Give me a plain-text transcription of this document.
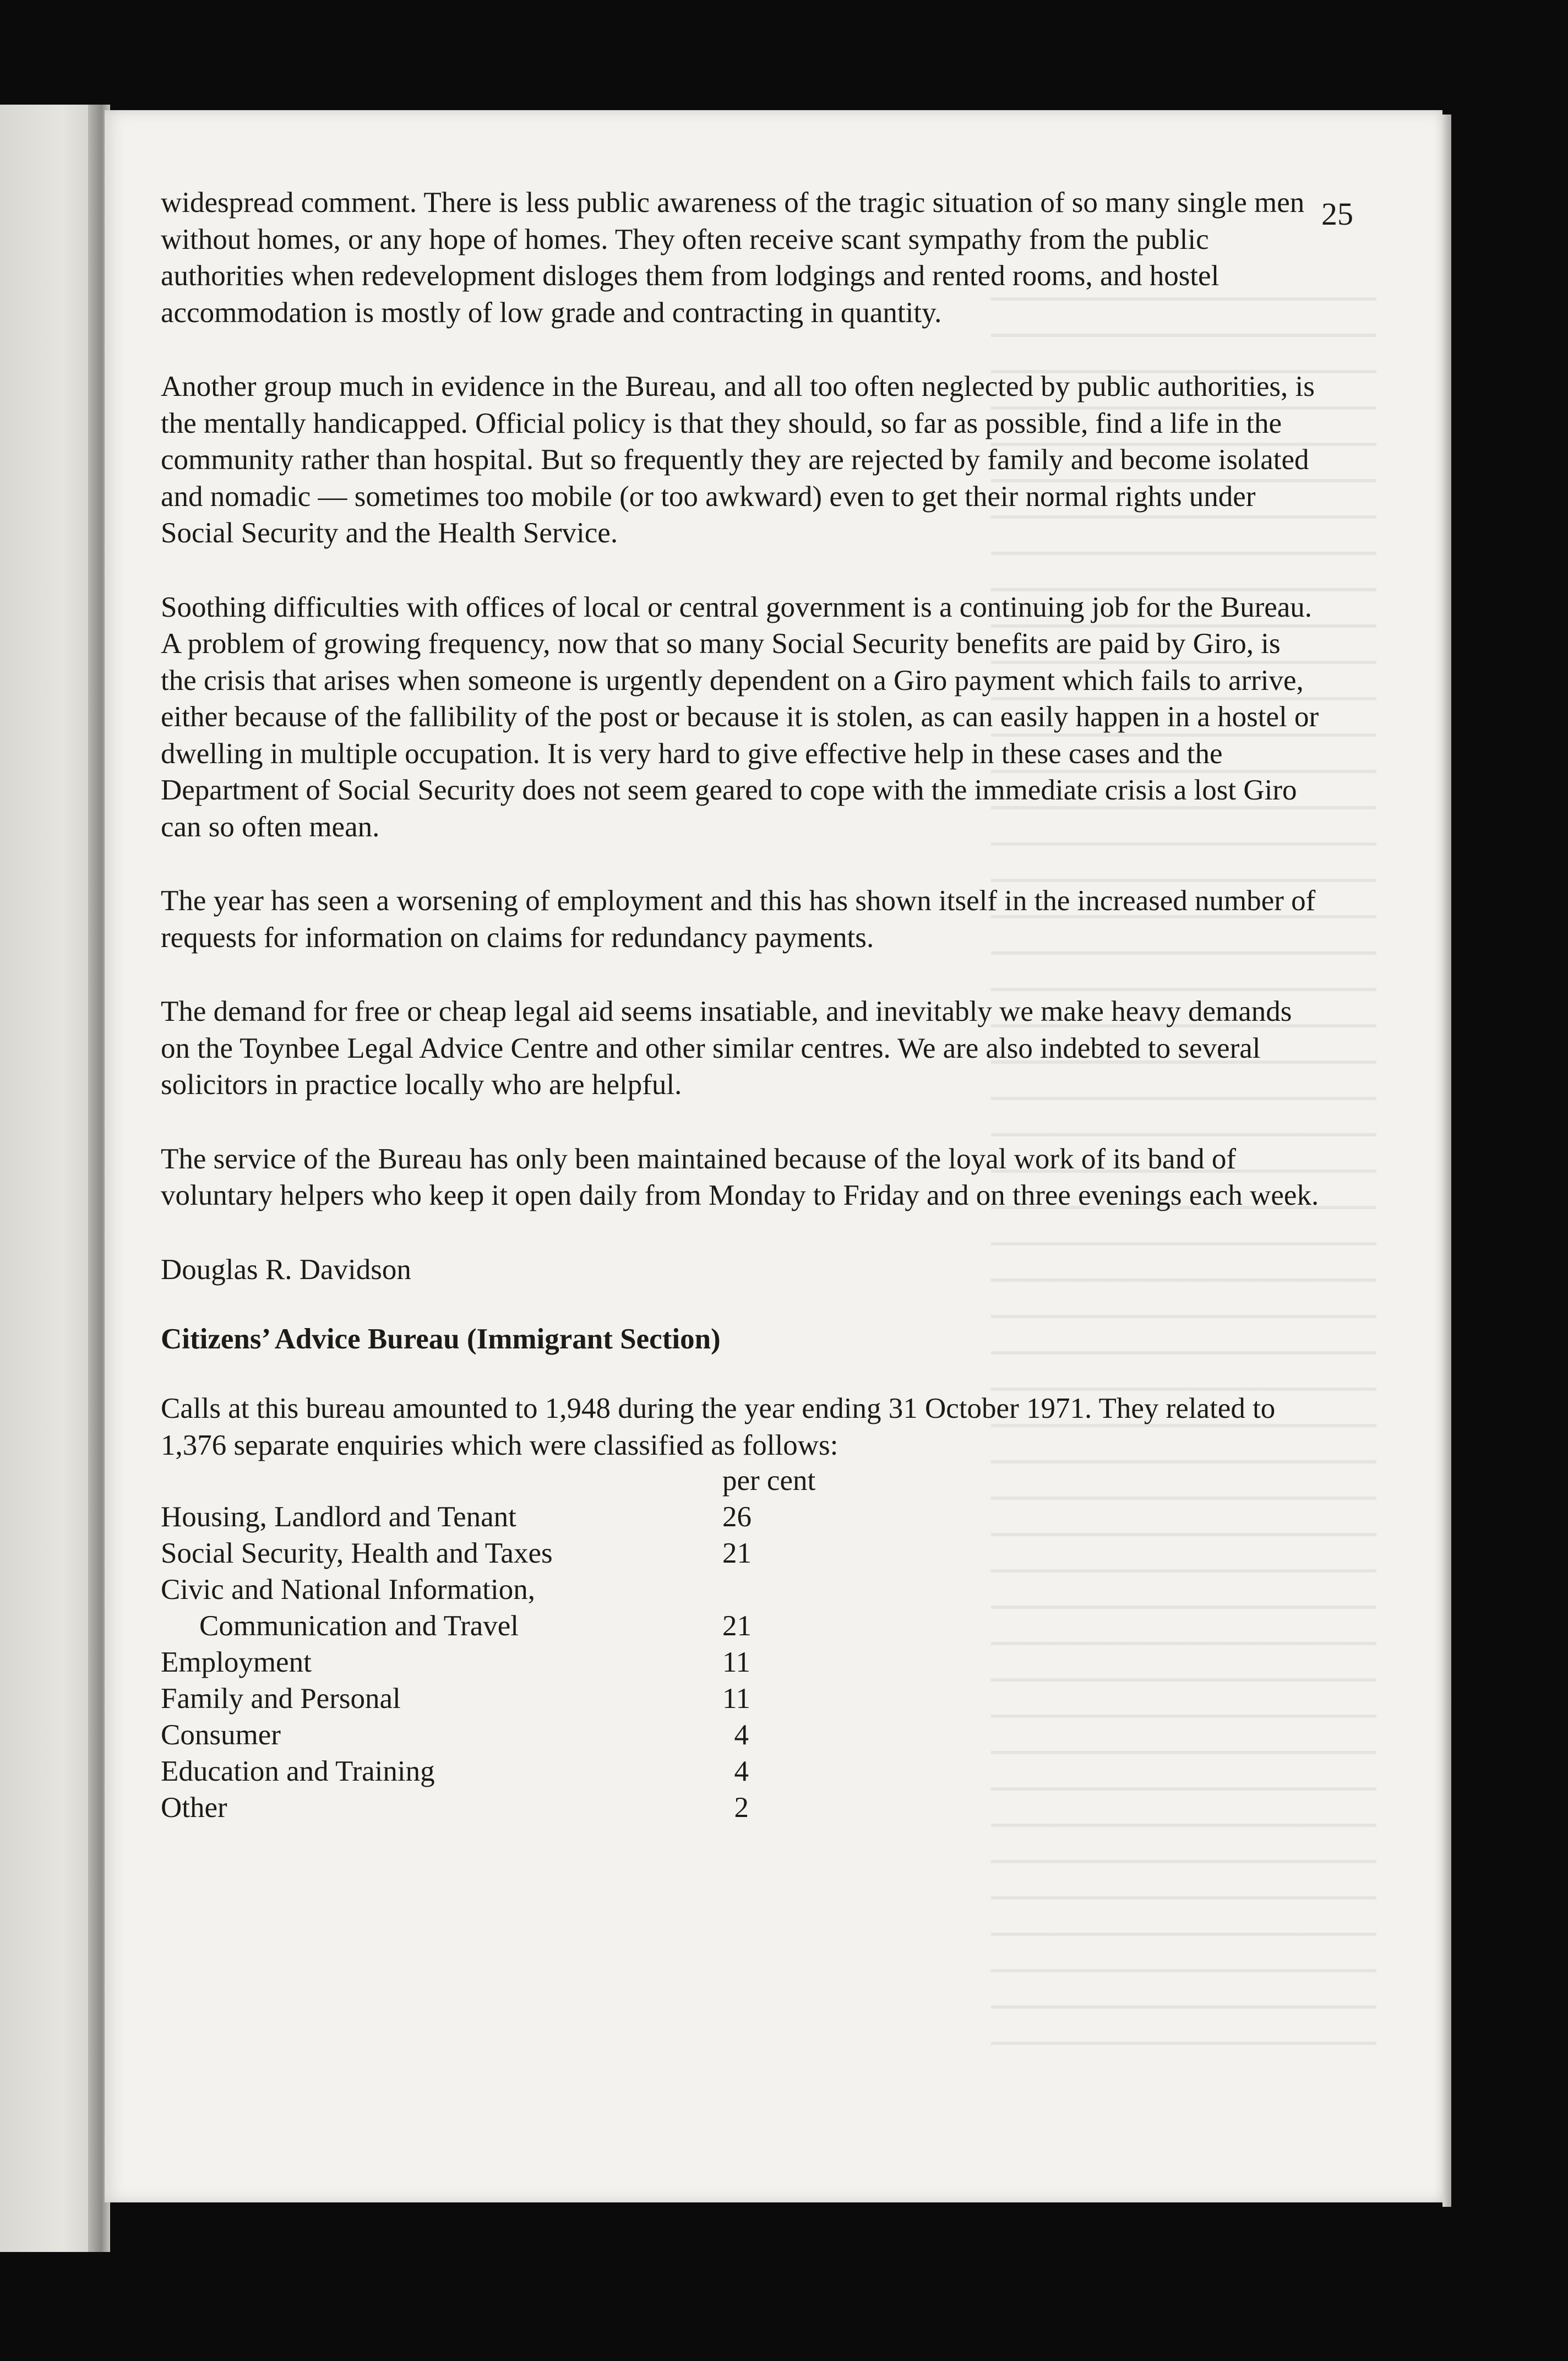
25

widespread comment. There is less public awareness of the tragic situation of so many single men without homes, or any hope of homes. They often receive scant sympathy from the public authorities when redevelopment disloges them from lodgings and rented rooms, and hostel accommodation is mostly of low grade and contracting in quantity.

Another group much in evidence in the Bureau, and all too often neglected by public authorities, is the mentally handicapped. Official policy is that they should, so far as possible, find a life in the community rather than hospital. But so frequently they are rejected by family and become isolated and nomadic — sometimes too mobile (or too awkward) even to get their normal rights under Social Security and the Health Service.

Soothing difficulties with offices of local or central government is a continuing job for the Bureau. A problem of growing frequency, now that so many Social Security benefits are paid by Giro, is the crisis that arises when someone is urgently dependent on a Giro payment which fails to arrive, either because of the fallibility of the post or because it is stolen, as can easily happen in a hostel or dwelling in multiple occupation. It is very hard to give effective help in these cases and the Department of Social Security does not seem geared to cope with the immediate crisis a lost Giro can so often mean.

The year has seen a worsening of employment and this has shown itself in the increased number of requests for information on claims for redundancy payments.

The demand for free or cheap legal aid seems insatiable, and inevitably we make heavy demands on the Toynbee Legal Advice Centre and other similar centres. We are also indebted to several solicitors in practice locally who are helpful.

The service of the Bureau has only been maintained because of the loyal work of its band of voluntary helpers who keep it open daily from Monday to Friday and on three evenings each week.

Douglas R. Davidson

Citizens’ Advice Bureau (Immigrant Section)

Calls at this bureau amounted to 1,948 during the year ending 31 October 1971. They related to 1,376 separate enquiries which were classified as follows:

per cent
Housing, Landlord and Tenant	26
Social Security, Health and Taxes	21
Civic and National Information,
Communication and Travel	21
Employment	11
Family and Personal	11
Consumer	4
Education and Training	4
Other	2
